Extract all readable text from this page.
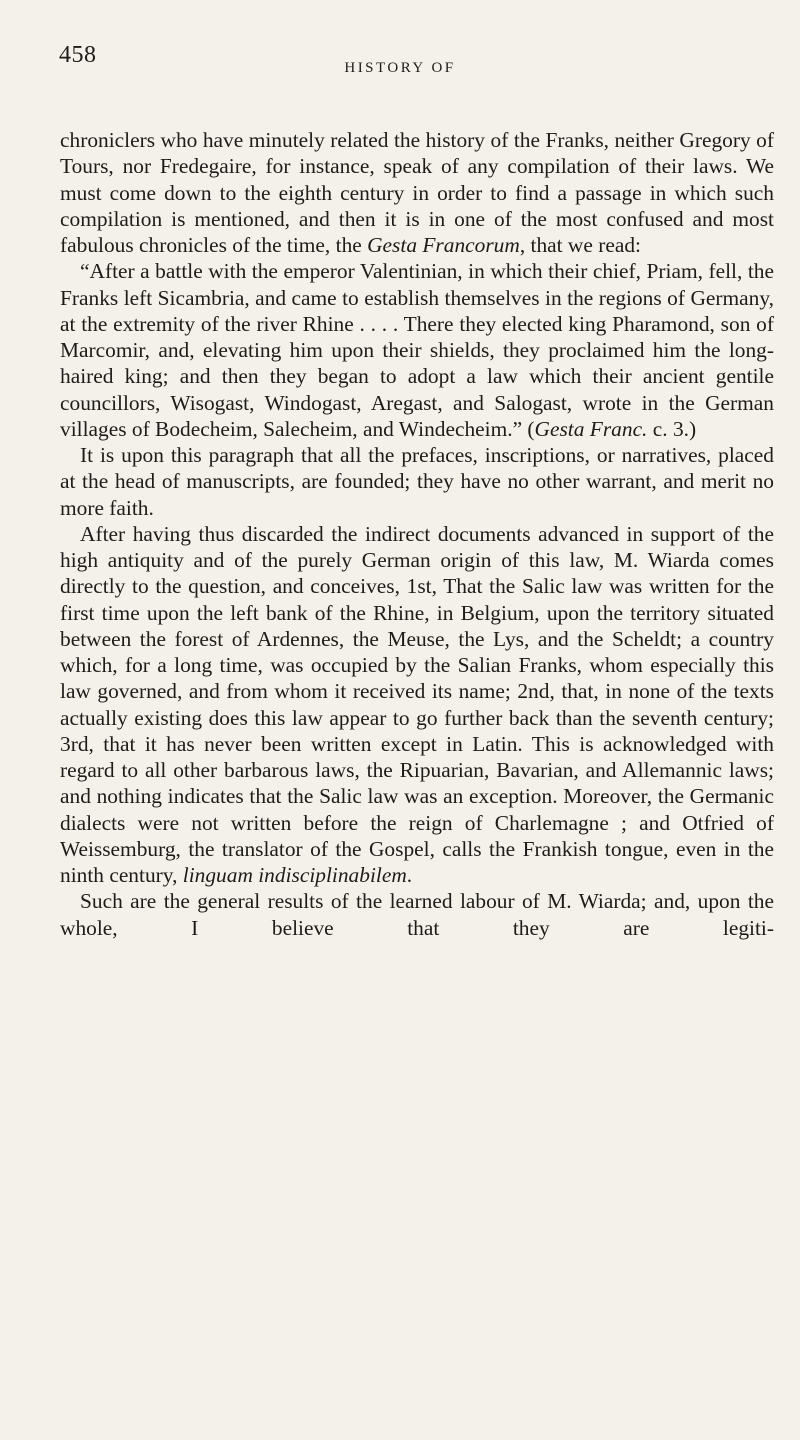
458	HISTORY OF

chroniclers who have minutely related the history of the Franks, neither Gregory of Tours, nor Fredegaire, for instance, speak of any compilation of their laws. We must come down to the eighth century in order to find a passage in which such compilation is mentioned, and then it is in one of the most confused and most fabulous chronicles of the time, the Gesta Francorum, that we read:

“After a battle with the emperor Valentinian, in which their chief, Priam, fell, the Franks left Sicambria, and came to establish themselves in the regions of Germany, at the extremity of the river Rhine . . . . There they elected king Pharamond, son of Marcomir, and, elevating him upon their shields, they proclaimed him the long-haired king; and then they began to adopt a law which their ancient gentile councillors, Wisogast, Windogast, Aregast, and Salogast, wrote in the German villages of Bodecheim, Salecheim, and Windecheim.” (Gesta Franc. c. 3.)

It is upon this paragraph that all the prefaces, inscriptions, or narratives, placed at the head of manuscripts, are founded; they have no other warrant, and merit no more faith.

After having thus discarded the indirect documents advanced in support of the high antiquity and of the purely German origin of this law, M. Wiarda comes directly to the question, and conceives, 1st, That the Salic law was written for the first time upon the left bank of the Rhine, in Belgium, upon the territory situated between the forest of Ardennes, the Meuse, the Lys, and the Scheldt; a country which, for a long time, was occupied by the Salian Franks, whom especially this law governed, and from whom it received its name; 2nd, that, in none of the texts actually existing does this law appear to go further back than the seventh century; 3rd, that it has never been written except in Latin. This is acknowledged with regard to all other barbarous laws, the Ripuarian, Bavarian, and Allemannic laws; and nothing indicates that the Salic law was an exception. Moreover, the Germanic dialects were not written before the reign of Charlemagne ; and Otfried of Weissemburg, the translator of the Gospel, calls the Frankish tongue, even in the ninth century, linguam indisciplinabilem.

Such are the general results of the learned labour of M. Wiarda; and, upon the whole, I believe that they are legiti-
